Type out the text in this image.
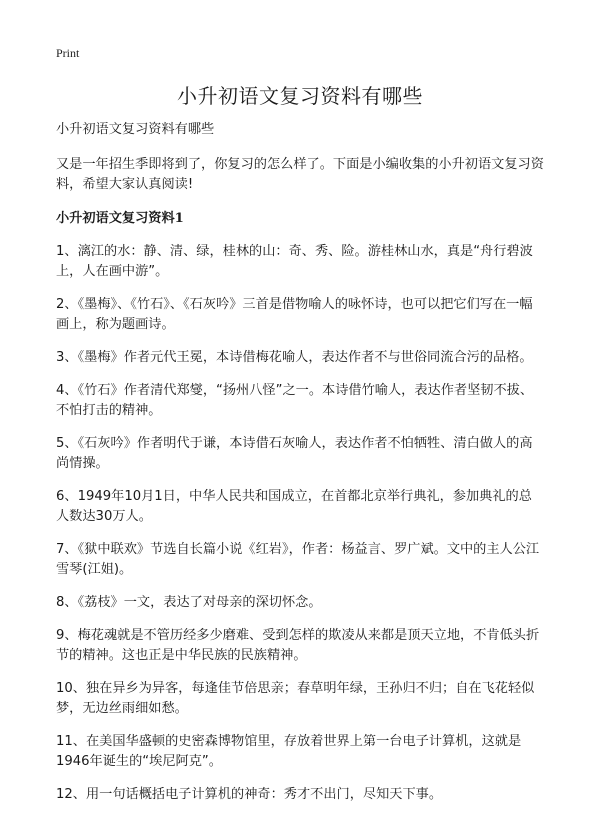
Print
小升初语文复习资料有哪些

小升初语文复习资料有哪些

又是一年招生季即将到了，你复习的怎么样了。下面是小编收集的小升初语文复习资料，希望大家认真阅读!

小升初语文复习资料1

1、漓江的水：静、清、绿，桂林的山：奇、秀、险。游桂林山水，真是“舟行碧波上，人在画中游”。

2、《墨梅》、《竹石》、《石灰吟》三首是借物喻人的咏怀诗，也可以把它们写在一幅画上，称为题画诗。

3、《墨梅》作者元代王冕，本诗借梅花喻人，表达作者不与世俗同流合污的品格。

4、《竹石》作者清代郑燮，“扬州八怪”之一。本诗借竹喻人，表达作者坚韧不拔、不怕打击的精神。

5、《石灰吟》作者明代于谦，本诗借石灰喻人，表达作者不怕牺牲、清白做人的高尚情操。

6、1949年10月1日，中华人民共和国成立，在首都北京举行典礼，参加典礼的总人数达30万人。

7、《狱中联欢》节选自长篇小说《红岩》，作者：杨益言、罗广斌。文中的主人公江雪琴(江姐)。

8、《荔枝》一文，表达了对母亲的深切怀念。

9、梅花魂就是不管历经多少磨难、受到怎样的欺凌从来都是顶天立地，不肯低头折节的精神。这也正是中华民族的民族精神。

10、独在异乡为异客，每逢佳节倍思亲；春草明年绿，王孙归不归；自在飞花轻似梦，无边丝雨细如愁。

11、在美国华盛顿的史密森博物馆里，存放着世界上第一台电子计算机，这就是1946年诞生的“埃尼阿克”。

12、用一句话概括电子计算机的神奇：秀才不出门，尽知天下事。
